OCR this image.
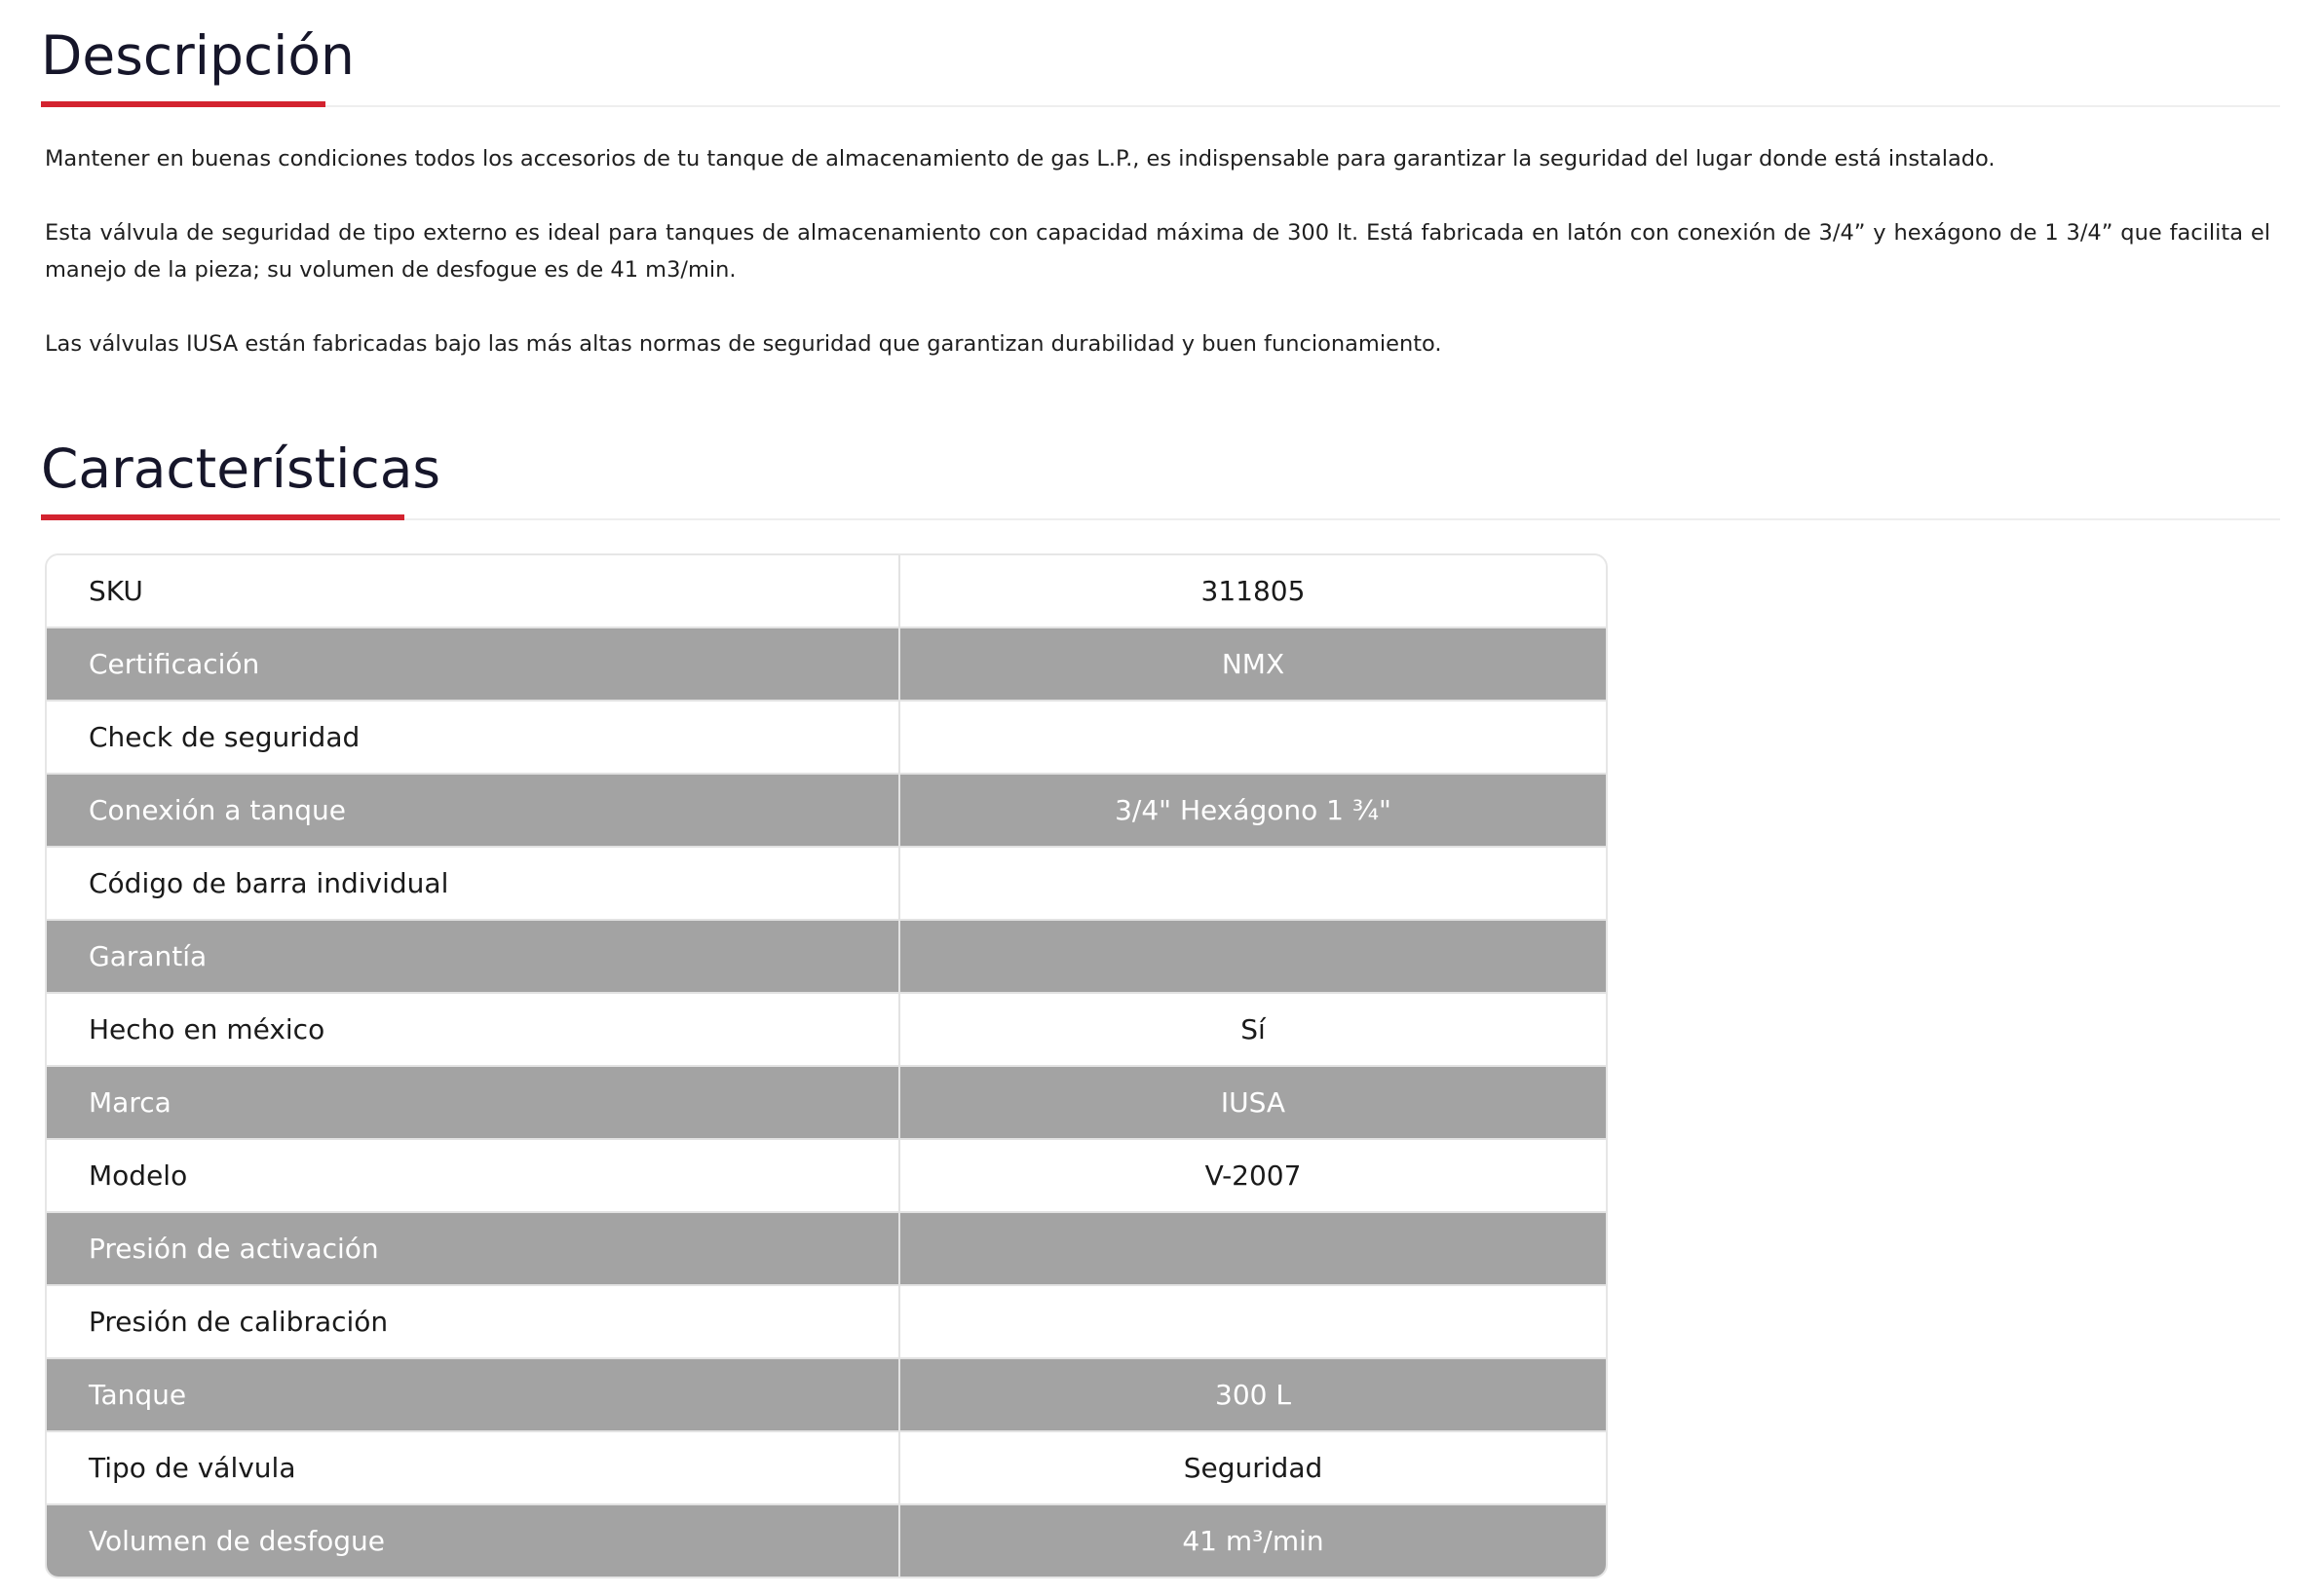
Descripción

Mantener en buenas condiciones todos los accesorios de tu tanque de almacenamiento de gas L.P., es indispensable para garantizar la seguridad del lugar donde está instalado.

Esta válvula de seguridad de tipo externo es ideal para tanques de almacenamiento con capacidad máxima de 300 lt. Está fabricada en latón con conexión de 3/4” y hexágono de 1 3/4” que facilita el manejo de la pieza; su volumen de desfogue es de 41 m3/min.

Las válvulas IUSA están fabricadas bajo las más altas normas de seguridad que garantizan durabilidad y buen funcionamiento.

Características
SKU	311805
Certificación	NMX
Check de seguridad
Conexión a tanque	3/4" Hexágono 1 ¾"
Código de barra individual
Garantía
Hecho en méxico	Sí
Marca	IUSA
Modelo	V-2007
Presión de activación
Presión de calibración
Tanque	300 L
Tipo de válvula	Seguridad
Volumen de desfogue	41 m³/min
